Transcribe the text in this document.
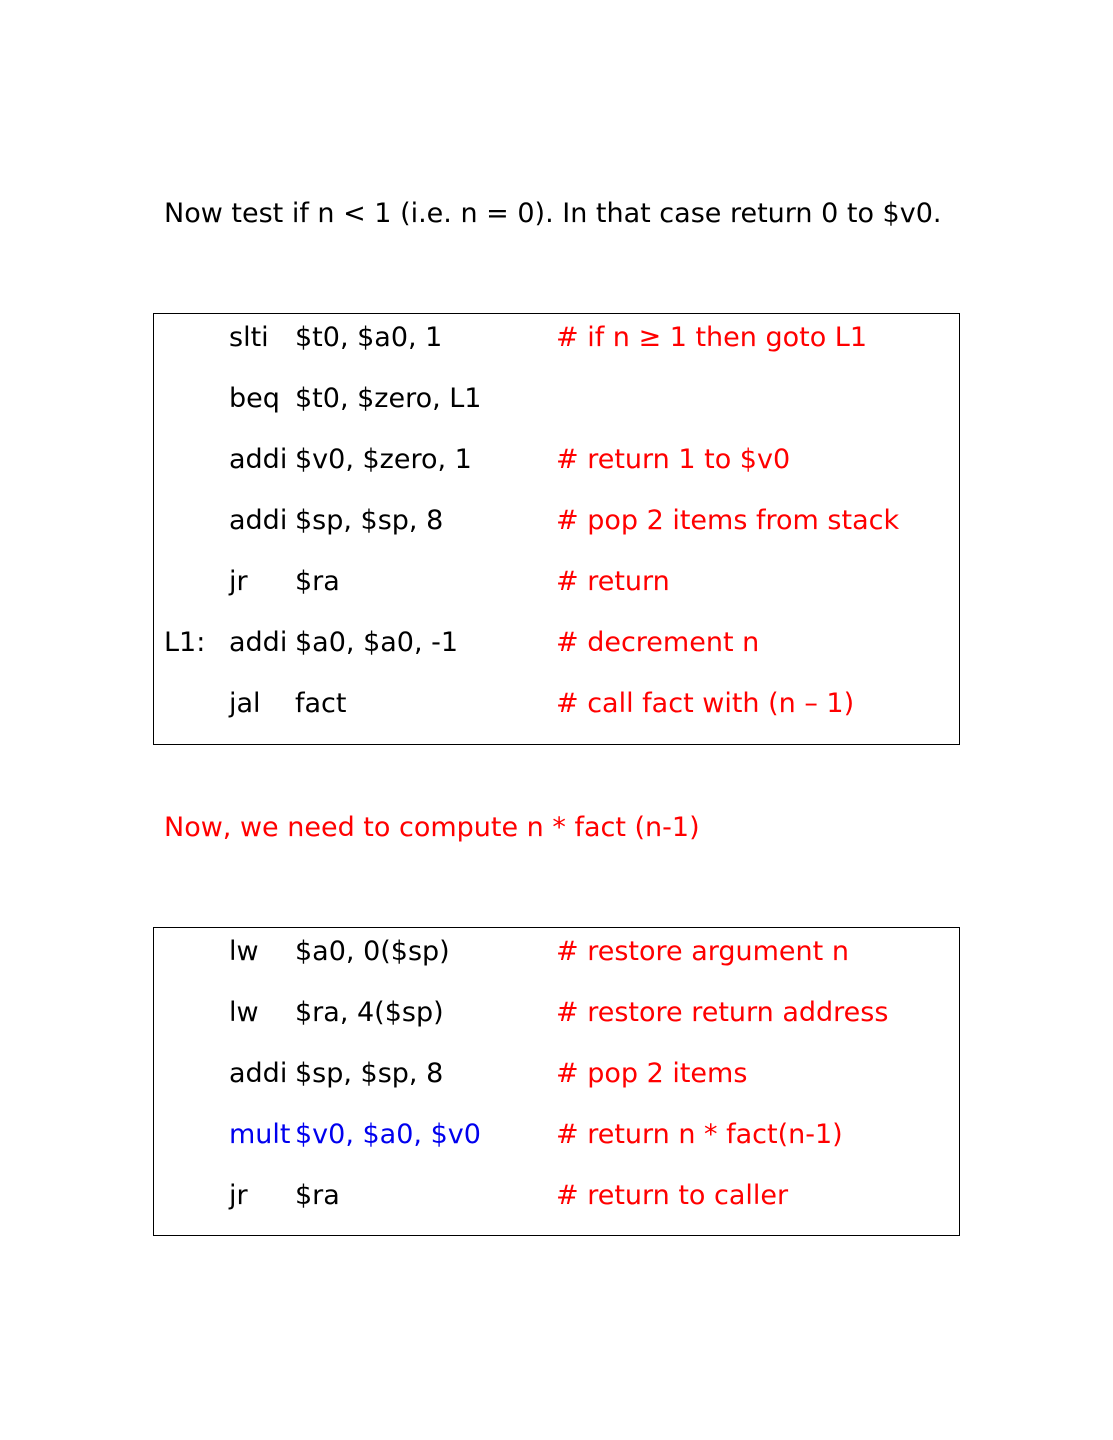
Now test if n < 1 (i.e. n = 0). In that case return 0 to $v0.
slti $t0, $a0, 1	# if n ≥ 1 then goto L1
beq $t0, $zero, L1
addi $v0, $zero, 1	# return 1 to $v0
addi $sp, $sp, 8	# pop 2 items from stack
jr $ra	# return
L1: addi $a0, $a0, -1	# decrement n
jal fact	# call fact with (n – 1)
Now, we need to compute n * fact (n-1)
lw $a0, 0($sp)	# restore argument n
lw $ra, 4($sp)	# restore return address
addi $sp, $sp, 8	# pop 2 items
mult $v0, $a0, $v0	# return n * fact(n-1)
jr $ra	# return to caller
